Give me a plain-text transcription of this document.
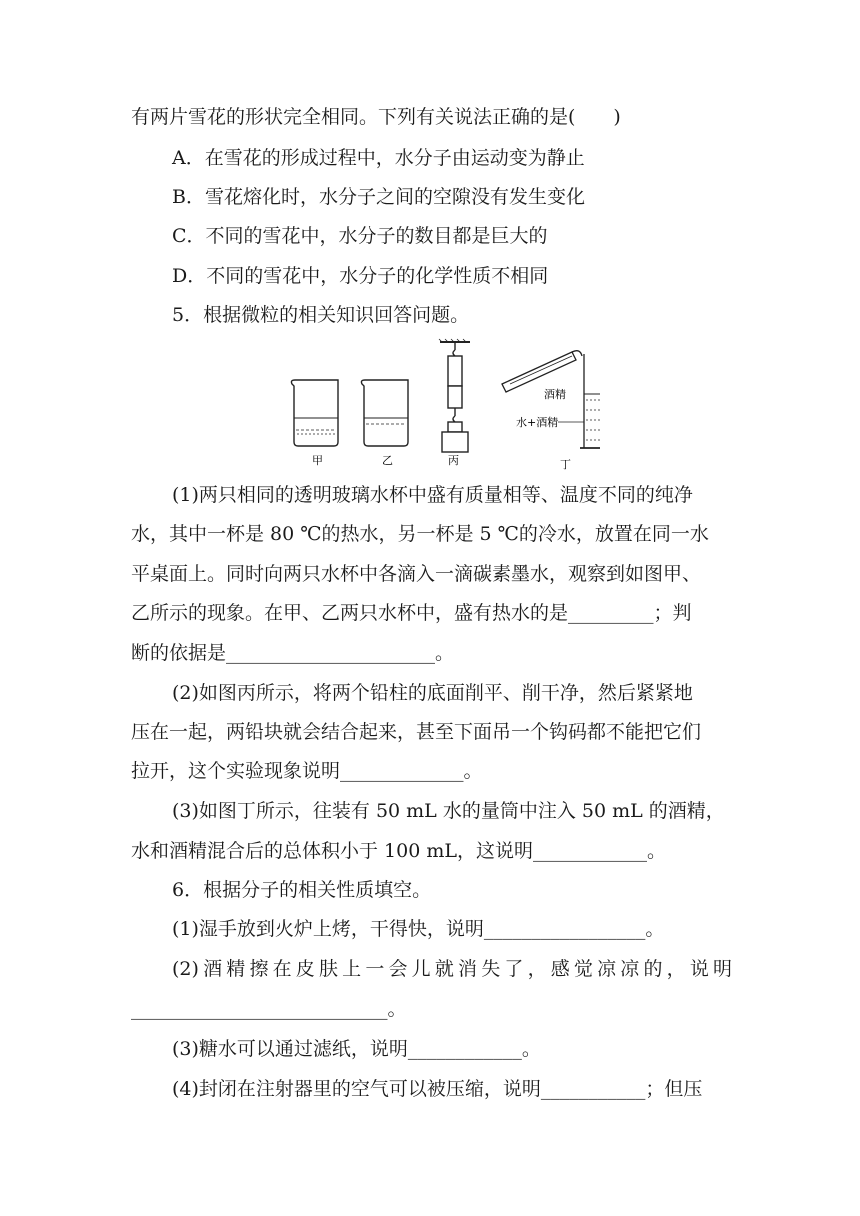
有两片雪花的形状完全相同。下列有关说法正确的是(　　)
A．在雪花的形成过程中，水分子由运动变为静止
B．雪花熔化时，水分子之间的空隙没有发生变化
C．不同的雪花中，水分子的数目都是巨大的
D．不同的雪花中，水分子的化学性质不相同
5．根据微粒的相关知识回答问题。
酒精
水+酒精
甲	乙	丙	丁
(1)两只相同的透明玻璃水杯中盛有质量相等、温度不同的纯净
水，其中一杯是 80 ℃的热水，另一杯是 5 ℃的冷水，放置在同一水
平桌面上。同时向两只水杯中各滴入一滴碳素墨水，观察到如图甲、
乙所示的现象。在甲、乙两只水杯中，盛有热水的是_________；判
断的依据是______________________。
(2)如图丙所示，将两个铅柱的底面削平、削干净，然后紧紧地
压在一起，两铅块就会结合起来，甚至下面吊一个钩码都不能把它们
拉开，这个实验现象说明_____________。
(3)如图丁所示，往装有 50 mL 水的量筒中注入 50 mL 的酒精，
水和酒精混合后的总体积小于 100 mL，这说明____________。
6．根据分子的相关性质填空。
(1)湿手放到火炉上烤，干得快，说明_________________。
(2)酒精擦在皮肤上一会儿就消失了，感觉凉凉的，说明
___________________________。
(3)糖水可以通过滤纸，说明____________。
(4)封闭在注射器里的空气可以被压缩，说明___________；但压
